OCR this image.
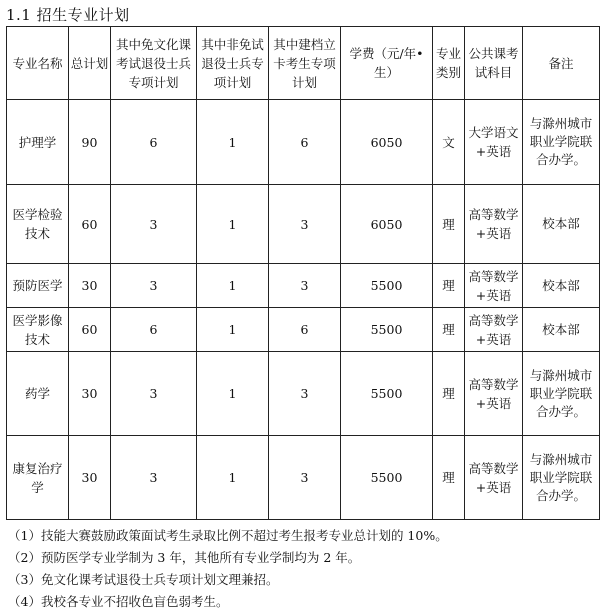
1.1 招生专业计划
专业名称	总计划	其中免文化课考试退役士兵专项计划	其中非免试退役士兵专项计划	其中建档立卡考生专项计划	学费（元/年•生）	专业类别	公共课考试科目	备注
护理学	90	6	1	6	6050	文	大学语文+英语	与滁州城市职业学院联合办学。
医学检验技术	60	3	1	3	6050	理	高等数学+英语	校本部
预防医学	30	3	1	3	5500	理	高等数学+英语	校本部
医学影像技术	60	6	1	6	5500	理	高等数学+英语	校本部
药学	30	3	1	3	5500	理	高等数学+英语	与滁州城市职业学院联合办学。
康复治疗学	30	3	1	3	5500	理	高等数学+英语	与滁州城市职业学院联合办学。
（1）技能大赛鼓励政策面试考生录取比例不超过考生报考专业总计划的 10%。
（2）预防医学专业学制为 3 年，其他所有专业学制均为 2 年。
（3）免文化课考试退役士兵专项计划文理兼招。
（4）我校各专业不招收色盲色弱考生。
